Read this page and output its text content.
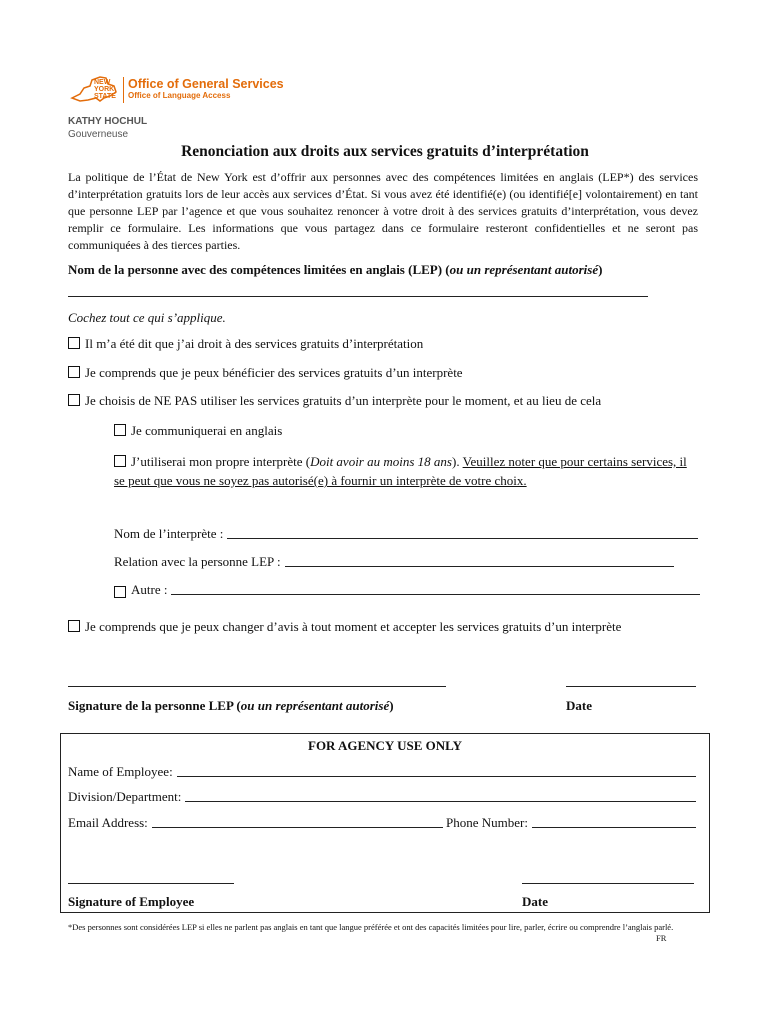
NEW
YORK
STATE
Office of General Services
Office of Language Access
KATHY HOCHUL
Gouverneuse
Renonciation aux droits aux services gratuits d’interprétation
La politique de l’État de New York est d’offrir aux personnes avec des compétences limitées en anglais (LEP*) des services d’interprétation gratuits lors de leur accès aux services d’État. Si vous avez été identifié(e) (ou identifié[e] volontairement) en tant que personne LEP par l’agence et que vous souhaitez renoncer à votre droit à des services gratuits d’interprétation, vous devez remplir ce formulaire. Les informations que vous partagez dans ce formulaire resteront confidentielles et ne seront pas communiquées à des tierces parties.
Nom de la personne avec des compétences limitées en anglais (LEP) (ou un représentant autorisé)
Cochez tout ce qui s’applique.
Il m’a été dit que j’ai droit à des services gratuits d’interprétation
Je comprends que je peux bénéficier des services gratuits d’un interprète
Je choisis de NE PAS utiliser les services gratuits d’un interprète pour le moment, et au lieu de cela
Je communiquerai en anglais
J’utiliserai mon propre interprète (Doit avoir au moins 18 ans). Veuillez noter que pour certains services, il se peut que vous ne soyez pas autorisé(e) à fournir un interprète de votre choix.
Nom de l’interprète :
Relation avec la personne LEP :
Autre :
Je comprends que je peux changer d’avis à tout moment et accepter les services gratuits d’un interprète
Signature de la personne LEP (ou un représentant autorisé)	Date
FOR AGENCY USE ONLY
Name of Employee:
Division/Department:
Email Address:	Phone Number:
Signature of Employee	Date
*Des personnes sont considérées LEP si elles ne parlent pas anglais en tant que langue préférée et ont des capacités limitées pour lire, parler, écrire ou comprendre l’anglais parlé.
FR
